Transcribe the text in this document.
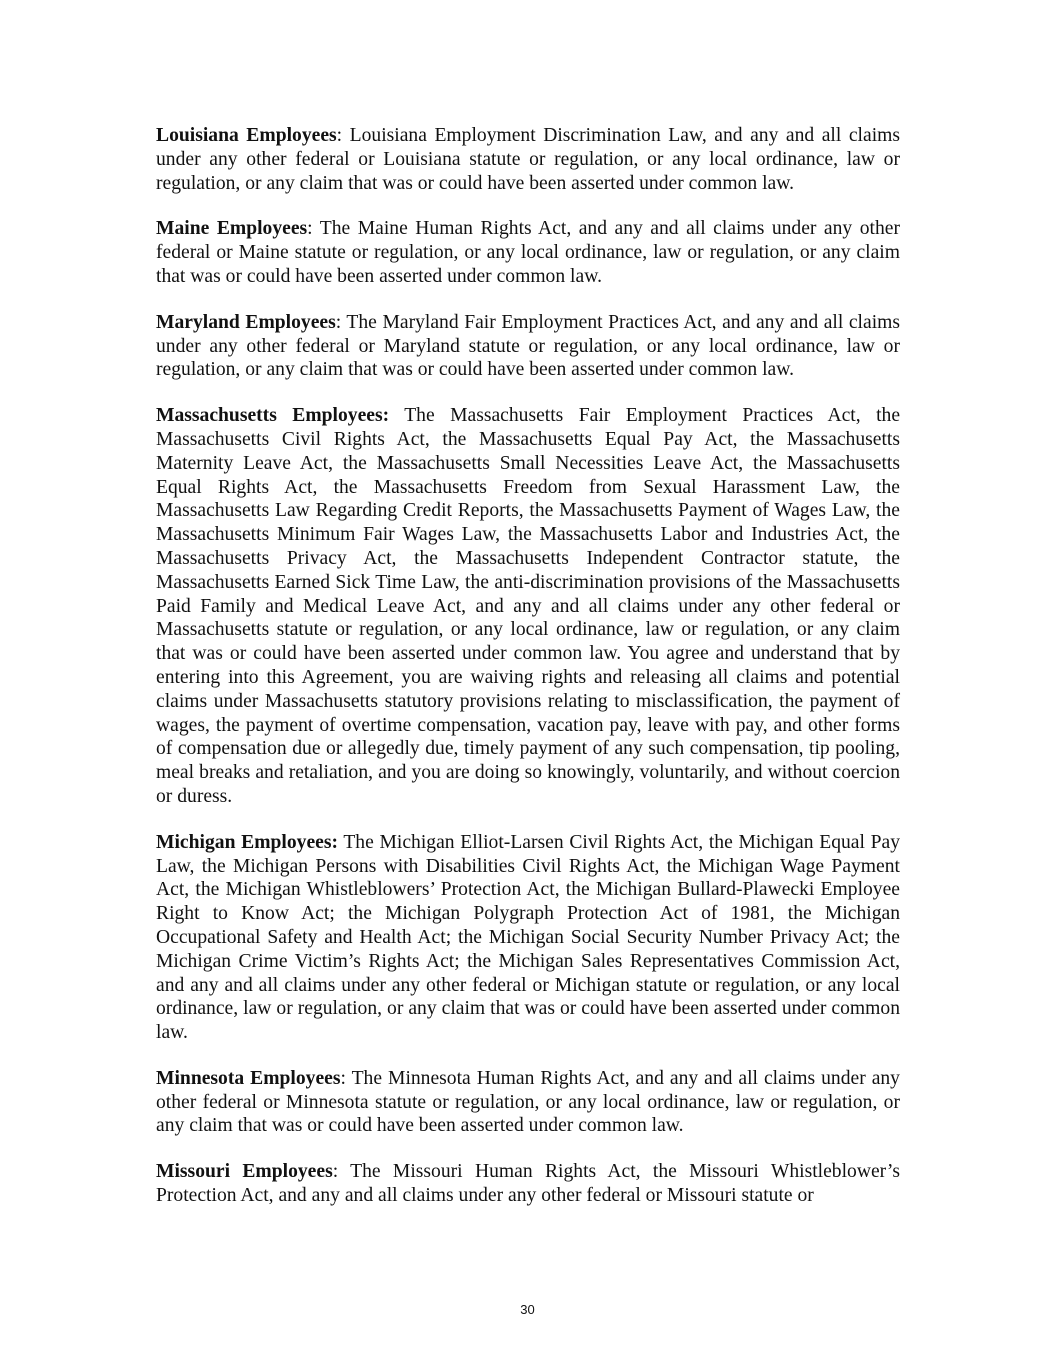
Louisiana Employees: Louisiana Employment Discrimination Law, and any and all claims under any other federal or Louisiana statute or regulation, or any local ordinance, law or regulation, or any claim that was or could have been asserted under common law.

Maine Employees: The Maine Human Rights Act, and any and all claims under any other federal or Maine statute or regulation, or any local ordinance, law or regulation, or any claim that was or could have been asserted under common law.

Maryland Employees: The Maryland Fair Employment Practices Act, and any and all claims under any other federal or Maryland statute or regulation, or any local ordinance, law or regulation, or any claim that was or could have been asserted under common law.

Massachusetts Employees: The Massachusetts Fair Employment Practices Act, the Massachusetts Civil Rights Act, the Massachusetts Equal Pay Act, the Massachusetts Maternity Leave Act, the Massachusetts Small Necessities Leave Act, the Massachusetts Equal Rights Act, the Massachusetts Freedom from Sexual Harassment Law, the Massachusetts Law Regarding Credit Reports, the Massachusetts Payment of Wages Law, the Massachusetts Minimum Fair Wages Law, the Massachusetts Labor and Industries Act, the Massachusetts Privacy Act, the Massachusetts Independent Contractor statute, the Massachusetts Earned Sick Time Law, the anti-discrimination provisions of the Massachusetts Paid Family and Medical Leave Act, and any and all claims under any other federal or Massachusetts statute or regulation, or any local ordinance, law or regulation, or any claim that was or could have been asserted under common law. You agree and understand that by entering into this Agreement, you are waiving rights and releasing all claims and potential claims under Massachusetts statutory provisions relating to misclassification, the payment of wages, the payment of overtime compensation, vacation pay, leave with pay, and other forms of compensation due or allegedly due, timely payment of any such compensation, tip pooling, meal breaks and retaliation, and you are doing so knowingly, voluntarily, and without coercion or duress.

Michigan Employees: The Michigan Elliot-Larsen Civil Rights Act, the Michigan Equal Pay Law, the Michigan Persons with Disabilities Civil Rights Act, the Michigan Wage Payment Act, the Michigan Whistleblowers’ Protection Act, the Michigan Bullard-Plawecki Employee Right to Know Act; the Michigan Polygraph Protection Act of 1981, the Michigan Occupational Safety and Health Act; the Michigan Social Security Number Privacy Act; the Michigan Crime Victim’s Rights Act; the Michigan Sales Representatives Commission Act, and any and all claims under any other federal or Michigan statute or regulation, or any local ordinance, law or regulation, or any claim that was or could have been asserted under common law.

Minnesota Employees: The Minnesota Human Rights Act, and any and all claims under any other federal or Minnesota statute or regulation, or any local ordinance, law or regulation, or any claim that was or could have been asserted under common law.

Missouri Employees: The Missouri Human Rights Act, the Missouri Whistleblower’s Protection Act, and any and all claims under any other federal or Missouri statute or

30
